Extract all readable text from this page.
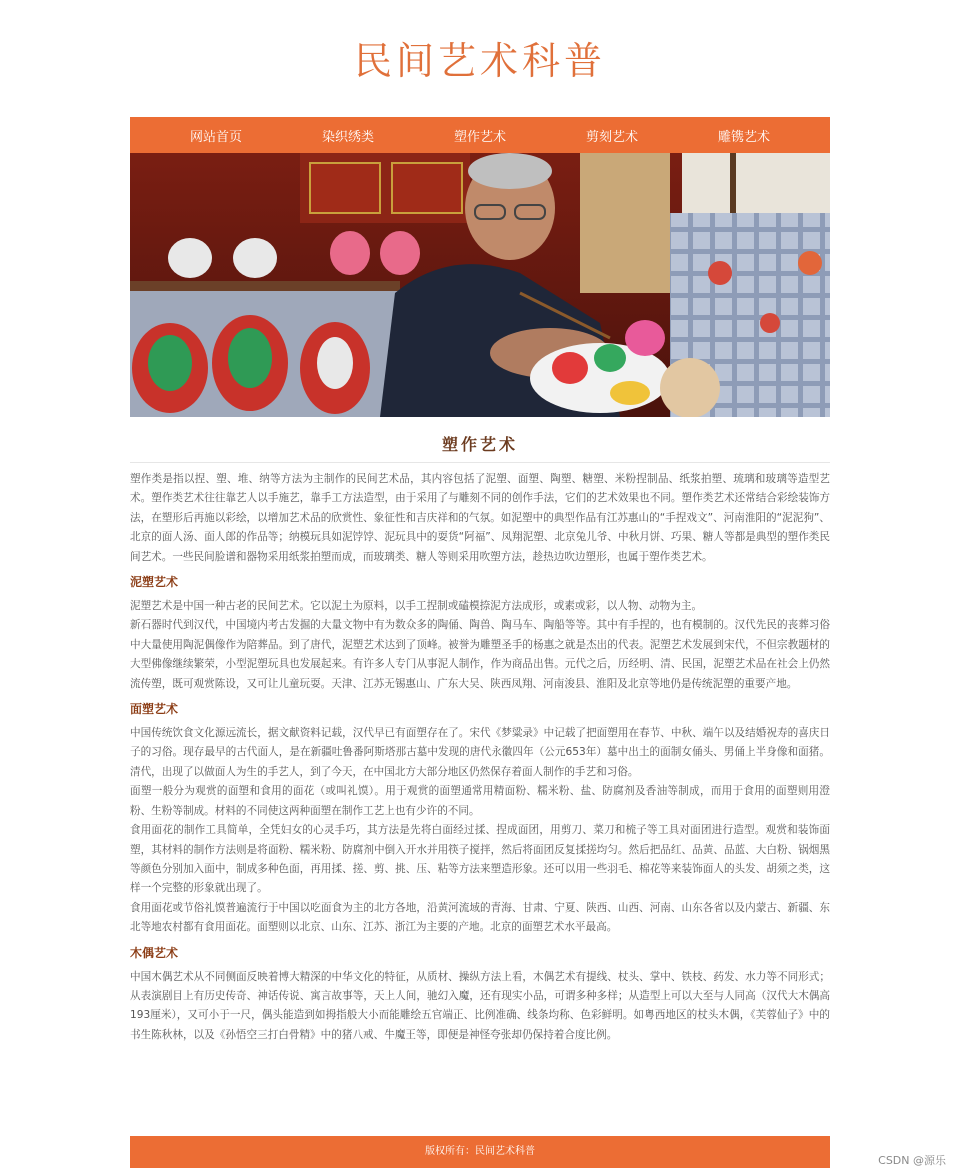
民间艺术科普
网站首页	染织绣类	塑作艺术	剪刻艺术	雕镌艺术
塑作艺术

塑作类是指以捏、塑、堆、纳等方法为主制作的民间艺术品，其内容包括了泥塑、面塑、陶塑、糖塑、米粉捏制品、纸浆拍塑、琉璃和玻璃等造型艺术。塑作类艺术往往靠艺人以手施艺，靠手工方法造型，由于采用了与雕刻不同的创作手法，它们的艺术效果也不同。塑作类艺术还常结合彩绘装饰方法，在塑形后再施以彩绘，以增加艺术品的欣赏性、象征性和吉庆祥和的气氛。如泥塑中的典型作品有江苏惠山的“手捏戏文”、河南淮阳的“泥泥狗”、北京的面人汤、面人郎的作品等；纳模玩具如泥饽饽、泥玩具中的耍货“阿福”、凤翔泥塑、北京兔儿爷、中秋月饼、巧果、糖人等都是典型的塑作类民间艺术。一些民间脸谱和器物采用纸浆拍塑而成，而玻璃类、糖人等则采用吹塑方法，趁热边吹边塑形，也属于塑作类艺术。

泥塑艺术

泥塑艺术是中国一种古老的民间艺术。它以泥土为原料，以手工捏制或磕模捺泥方法成形，或素或彩，以人物、动物为主。

新石器时代到汉代，中国境内考古发掘的大量文物中有为数众多的陶俑、陶兽、陶马车、陶船等等。其中有手捏的，也有模制的。汉代先民的丧葬习俗中大量使用陶泥偶像作为陪葬品。到了唐代，泥塑艺术达到了顶峰。被誉为雕塑圣手的杨惠之就是杰出的代表。泥塑艺术发展到宋代，不但宗教题材的大型佛像继续繁荣，小型泥塑玩具也发展起来。有许多人专门从事泥人制作，作为商品出售。元代之后，历经明、清、民国，泥塑艺术品在社会上仍然流传塑，既可观赏陈设，又可让儿童玩耍。天津、江苏无锡惠山、广东大吴、陕西凤翔、河南浚县、淮阳及北京等地仍是传统泥塑的重要产地。

面塑艺术

中国传统饮食文化源远流长，据文献资料记载，汉代早已有面塑存在了。宋代《梦粱录》中记载了把面塑用在春节、中秋、端午以及结婚祝寿的喜庆日子的习俗。现存最早的古代面人，是在新疆吐鲁番阿斯塔那古墓中发现的唐代永徽四年（公元653年）墓中出土的面制女俑头、男俑上半身像和面猪。清代，出现了以做面人为生的手艺人，到了今天，在中国北方大部分地区仍然保存着面人制作的手艺和习俗。

面塑一般分为观赏的面塑和食用的面花（或叫礼馍）。用于观赏的面塑通常用精面粉、糯米粉、盐、防腐剂及香油等制成，而用于食用的面塑则用澄粉、生粉等制成。材料的不同使这两种面塑在制作工艺上也有少许的不同。

食用面花的制作工具简单，全凭妇女的心灵手巧，其方法是先将白面经过揉、捏成面团，用剪刀、菜刀和梳子等工具对面团进行造型。观赏和装饰面塑，其材料的制作方法则是将面粉、糯米粉、防腐剂中倒入开水并用筷子搅拌，然后将面团反复揉搓均匀。然后把品红、品黄、品蓝、大白粉、锅烟黑等颜色分别加入面中，制成多种色面，再用揉、搓、剪、挑、压、粘等方法来塑造形象。还可以用一些羽毛、棉花等来装饰面人的头发、胡须之类，这样一个完整的形象就出现了。

食用面花或节俗礼馍普遍流行于中国以吃面食为主的北方各地，沿黄河流域的青海、甘肃、宁夏、陕西、山西、河南、山东各省以及内蒙古、新疆、东北等地农村都有食用面花。面塑则以北京、山东、江苏、浙江为主要的产地。北京的面塑艺术水平最高。

木偶艺术

中国木偶艺术从不同侧面反映着博大精深的中华文化的特征，从质材、操纵方法上看，木偶艺术有提线、杖头、掌中、铁枝、药发、水力等不同形式；从表演剧目上有历史传奇、神话传说、寓言故事等，天上人间，驰幻入魔，还有现实小品，可谓多种多样；从造型上可以大至与人同高（汉代大木偶高193厘米），又可小于一尺，偶头能造到如拇指般大小而能雕绘五官端正、比例准确、线条均称、色彩鲜明。如粤西地区的杖头木偶，《芙蓉仙子》中的书生陈秋林，以及《孙悟空三打白骨精》中的猪八戒、牛魔王等，即便是神怪夸张却仍保持着合度比例。

版权所有：民间艺术科普
CSDN @源乐
